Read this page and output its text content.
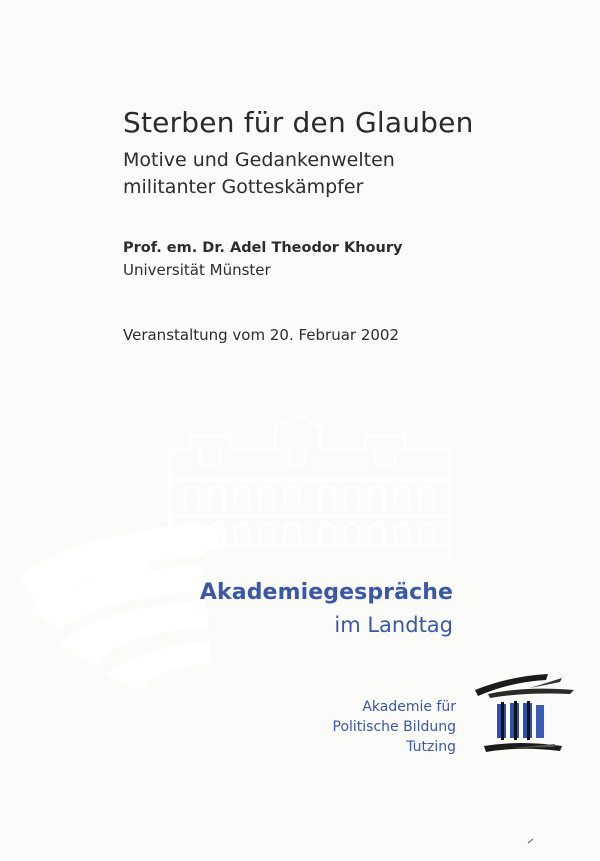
Sterben für den Glauben
Motive und Gedankenwelten
militanter Gotteskämpfer
Prof. em. Dr. Adel Theodor Khoury
Universität Münster
Veranstaltung vom 20. Februar 2002
Akademiegespräche
im Landtag
Akademie für
Politische Bildung
Tutzing
